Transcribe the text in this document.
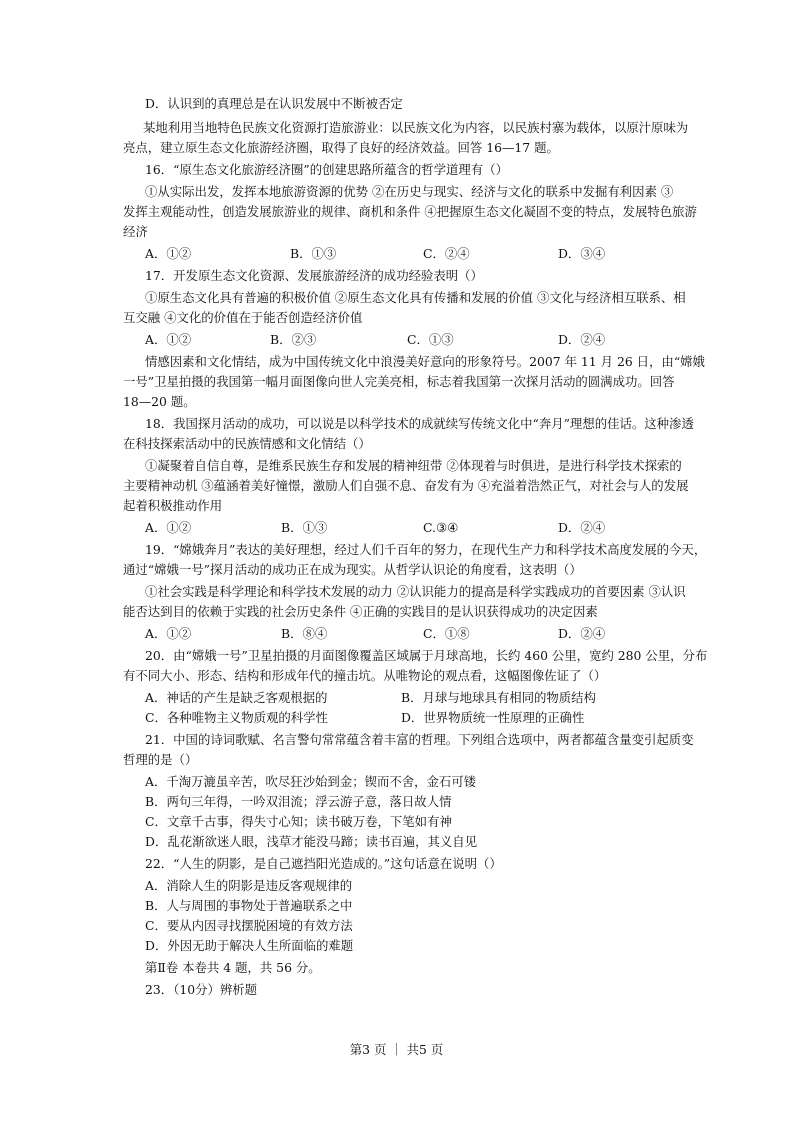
D．认识到的真理总是在认识发展中不断被否定
某地利用当地特色民族文化资源打造旅游业：以民族文化为内容，以民族村寨为载体，以原汁原味为
亮点，建立原生态文化旅游经济圈，取得了良好的经济效益。回答 16—17 题。
16．“原生态文化旅游经济圈”的创建思路所蕴含的哲学道理有（）
①从实际出发，发挥本地旅游资源的优势 ②在历史与现实、经济与文化的联系中发掘有利因素 ③
发挥主观能动性，创造发展旅游业的规律、商机和条件 ④把握原生态文化凝固不变的特点，发展特色旅游
经济
A．①②	B．①③	C．②④	D．③④
17．开发原生态文化资源、发展旅游经济的成功经验表明（）
①原生态文化具有普遍的积极价值 ②原生态文化具有传播和发展的价值 ③文化与经济相互联系、相
互交融 ④文化的价值在于能否创造经济价值
A．①②	B．②③	C．①③	D．②④
情感因素和文化情结，成为中国传统文化中浪漫美好意向的形象符号。2007 年 11 月 26 日，由“嫦娥
一号”卫星拍摄的我国第一幅月面图像向世人完美亮相，标志着我国第一次探月活动的圆满成功。回答
18—20 题。
18．我国探月活动的成功，可以说是以科学技术的成就续写传统文化中“奔月”理想的佳话。这种渗透
在科技探索活动中的民族情感和文化情结（）
①凝聚着自信自尊，是维系民族生存和发展的精神纽带 ②体现着与时俱进，是进行科学技术探索的
主要精神动机 ③蕴涵着美好憧憬，激励人们自强不息、奋发有为 ④充溢着浩然正气，对社会与人的发展
起着积极推动作用
A．①②	B．①③	C.③④	D．②④
19．“嫦娥奔月”表达的美好理想，经过人们千百年的努力，在现代生产力和科学技术高度发展的今天，
通过“嫦娥一号”探月活动的成功正在成为现实。从哲学认识论的角度看，这表明（）
①社会实践是科学理论和科学技术发展的动力 ②认识能力的提高是科学实践成功的首要因素 ③认识
能否达到目的依赖于实践的社会历史条件 ④正确的实践目的是认识获得成功的决定因素
A．①②	B．⑧④	C．①⑧	D．②④
20．由“嫦娥一号”卫星拍摄的月面图像覆盖区域属于月球高地，长约 460 公里，宽约 280 公里，分布
有不同大小、形态、结构和形成年代的撞击坑。从唯物论的观点看，这幅图像佐证了（）
A．神话的产生是缺乏客观根据的	B．月球与地球具有相同的物质结构
C．各种唯物主义物质观的科学性	D．世界物质统一性原理的正确性
21．中国的诗词歌赋、名言警句常常蕴含着丰富的哲理。下列组合选项中，两者都蕴含量变引起质变
哲理的是（）
A．千淘万漉虽辛苦，吹尽狂沙始到金；锲而不舍，金石可镂
B．两句三年得，一吟双泪流；浮云游子意，落日故人情
C．文章千古事，得失寸心知；读书破万卷，下笔如有神
D．乱花渐欲迷人眼，浅草才能没马蹄；读书百遍，其义自见
22．“人生的阴影，是自己遮挡阳光造成的。”这句话意在说明（）
A．消除人生的阴影是违反客观规律的
B．人与周围的事物处于普遍联系之中
C．要从内因寻找摆脱困境的有效方法
D．外因无助于解决人生所面临的难题
第Ⅱ卷 本卷共 4 题，共 56 分。
23．（10分）辨析题
第3 页 ｜ 共5 页
